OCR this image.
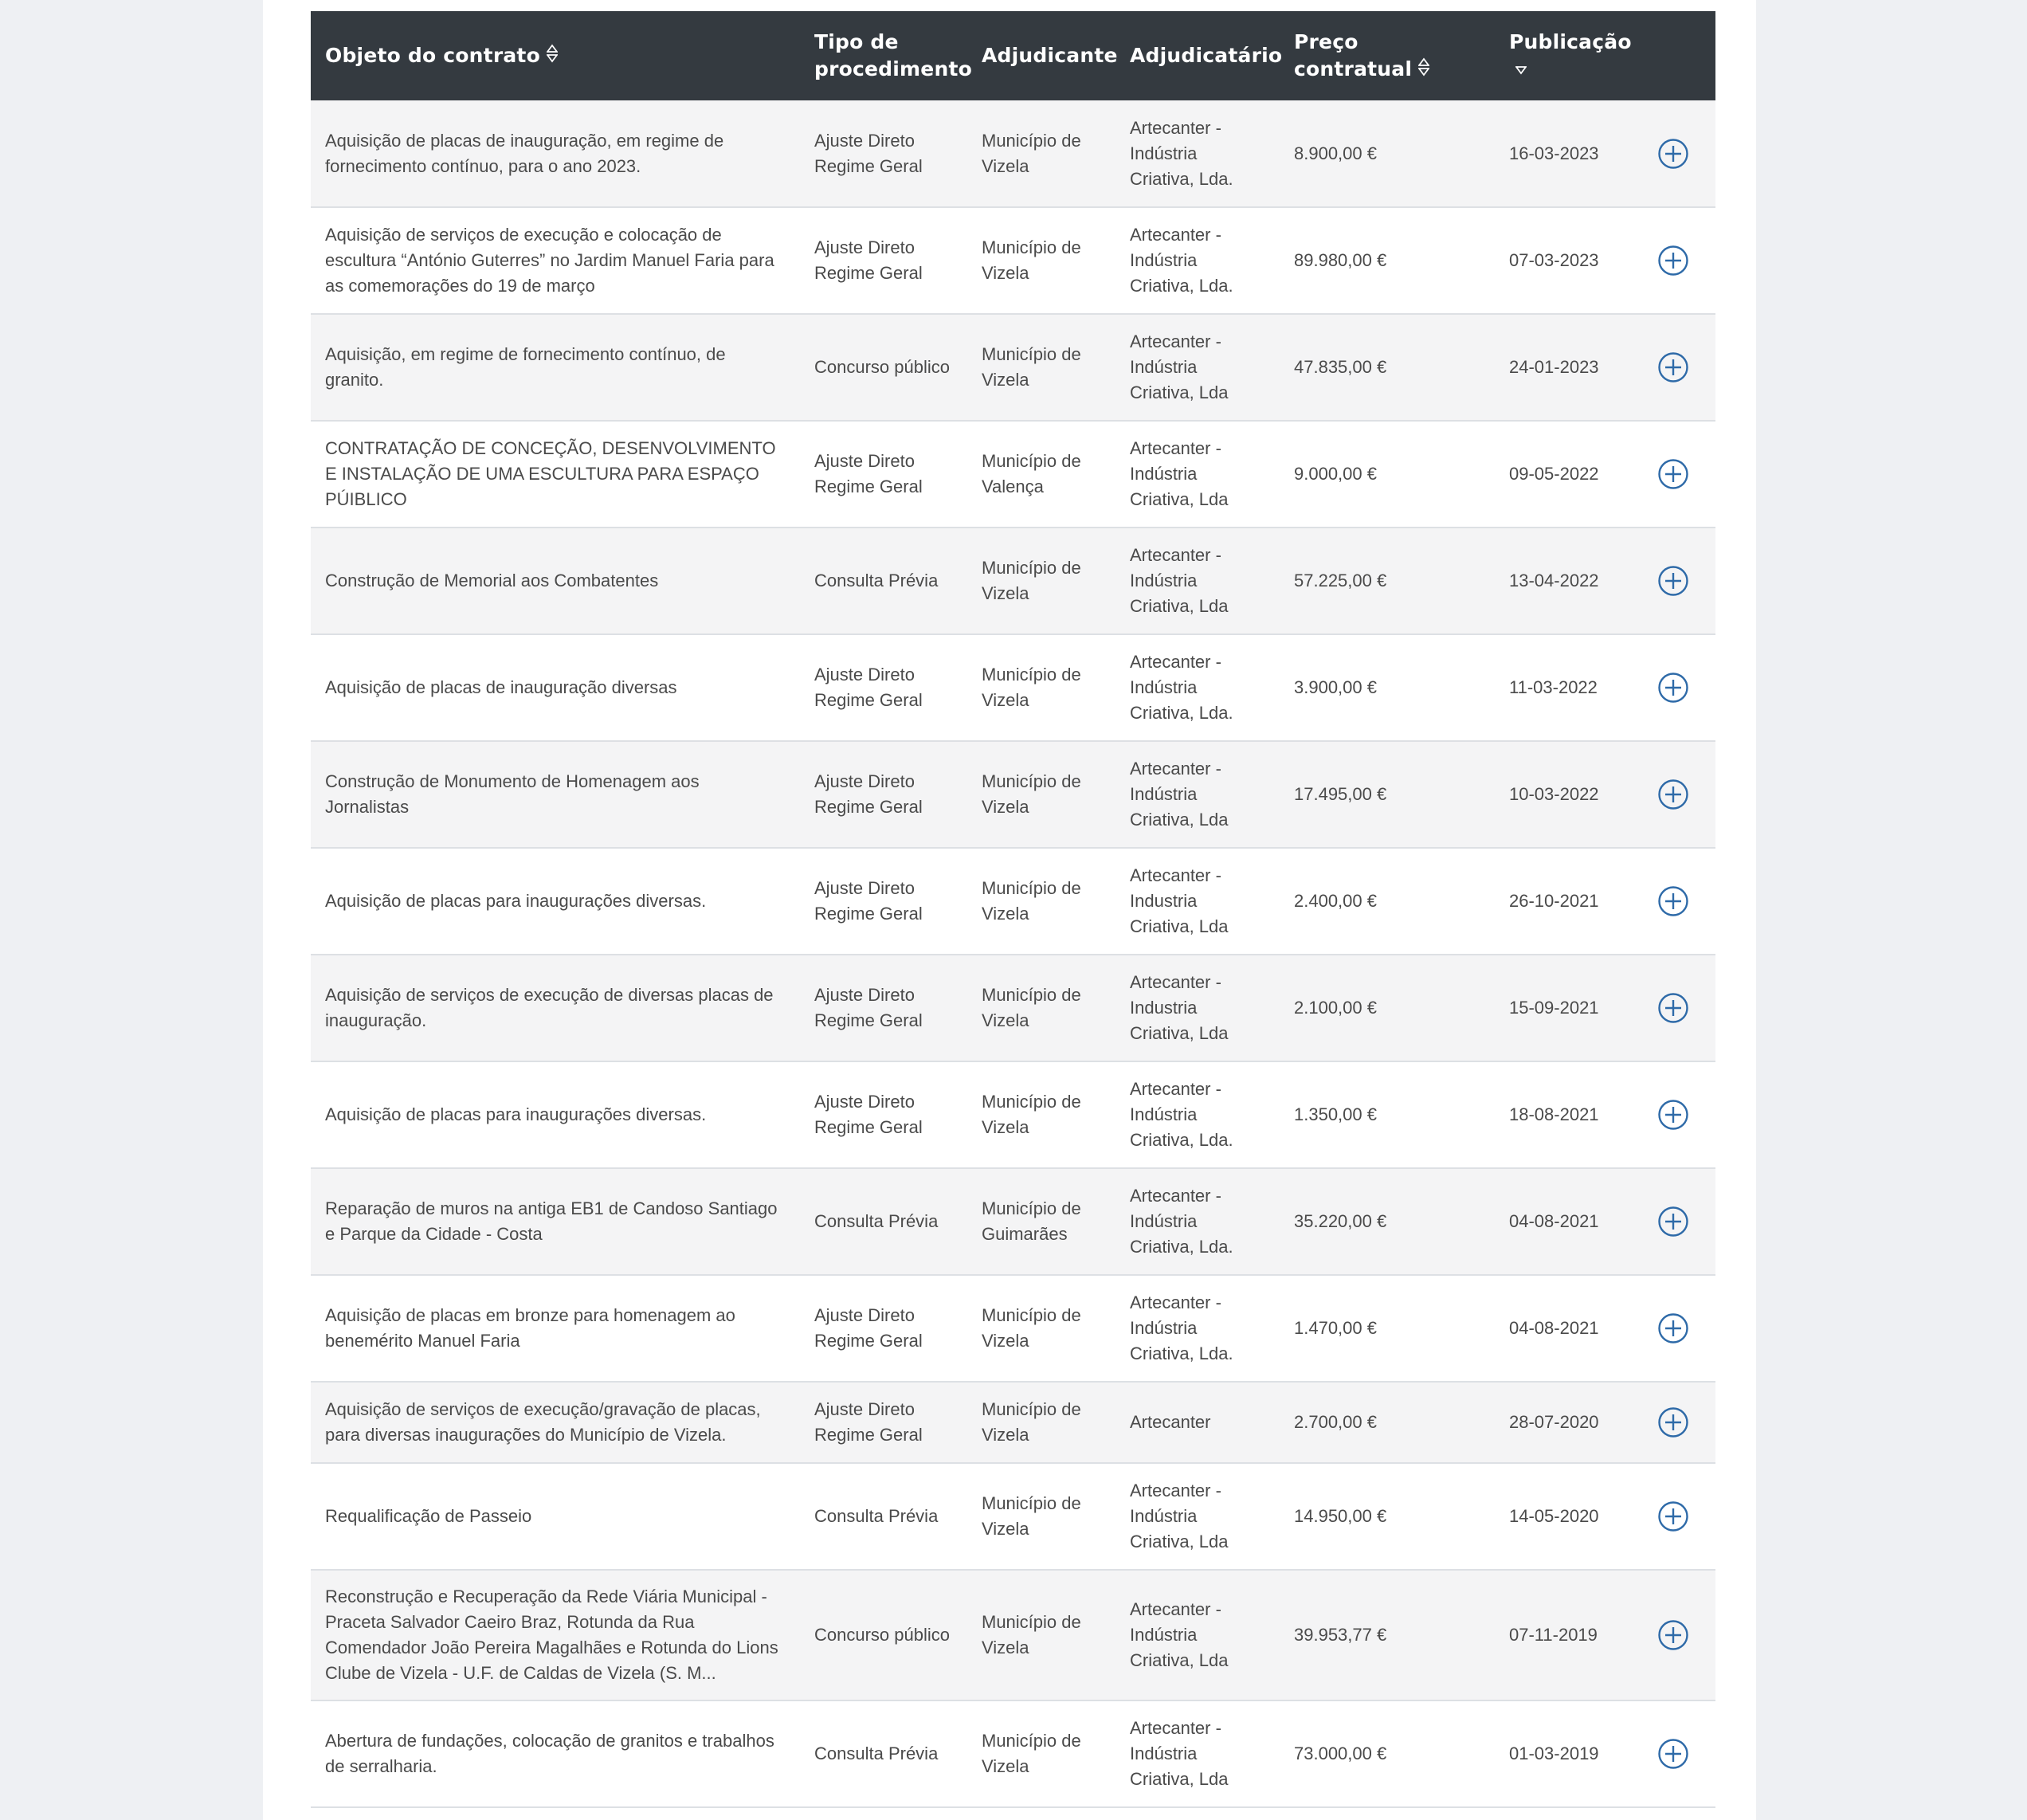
Objeto do contrato	Tipo de procedimento	Adjudicante	Adjudicatário	Preço contratual	Publicação	
Aquisição de placas de inauguração, em regime de fornecimento contínuo, para o ano 2023.	Ajuste Direto Regime Geral	Município de Vizela	Artecanter - Indústria Criativa, Lda.	8.900,00 €	16-03-2023	
Aquisição de serviços de execução e colocação de escultura “António Guterres” no Jardim Manuel Faria para as comemorações do 19 de março	Ajuste Direto Regime Geral	Município de Vizela	Artecanter - Indústria Criativa, Lda.	89.980,00 €	07-03-2023	
Aquisição, em regime de fornecimento contínuo, de granito.	Concurso público	Município de Vizela	Artecanter - Indústria Criativa, Lda	47.835,00 €	24-01-2023	
CONTRATAÇÃO DE CONCEÇÃO, DESENVOLVIMENTO E INSTALAÇÃO DE UMA ESCULTURA PARA ESPAÇO PÚIBLICO	Ajuste Direto Regime Geral	Município de Valença	Artecanter - Indústria Criativa, Lda	9.000,00 €	09-05-2022	
Construção de Memorial aos Combatentes	Consulta Prévia	Município de Vizela	Artecanter - Indústria Criativa, Lda	57.225,00 €	13-04-2022	
Aquisição de placas de inauguração diversas	Ajuste Direto Regime Geral	Município de Vizela	Artecanter - Indústria Criativa, Lda.	3.900,00 €	11-03-2022	
Construção de Monumento de Homenagem aos Jornalistas	Ajuste Direto Regime Geral	Município de Vizela	Artecanter - Indústria Criativa, Lda	17.495,00 €	10-03-2022	
Aquisição de placas para inaugurações diversas.	Ajuste Direto Regime Geral	Município de Vizela	Artecanter - Industria Criativa, Lda	2.400,00 €	26-10-2021	
Aquisição de serviços de execução de diversas placas de inauguração.	Ajuste Direto Regime Geral	Município de Vizela	Artecanter - Industria Criativa, Lda	2.100,00 €	15-09-2021	
Aquisição de placas para inaugurações diversas.	Ajuste Direto Regime Geral	Município de Vizela	Artecanter - Indústria Criativa, Lda.	1.350,00 €	18-08-2021	
Reparação de muros na antiga EB1 de Candoso Santiago e Parque da Cidade - Costa	Consulta Prévia	Município de Guimarães	Artecanter - Indústria Criativa, Lda.	35.220,00 €	04-08-2021	
Aquisição de placas em bronze para homenagem ao benemérito Manuel Faria	Ajuste Direto Regime Geral	Município de Vizela	Artecanter - Indústria Criativa, Lda.	1.470,00 €	04-08-2021	
Aquisição de serviços de execução/gravação de placas, para diversas inaugurações do Município de Vizela.	Ajuste Direto Regime Geral	Município de Vizela	Artecanter	2.700,00 €	28-07-2020	
Requalificação de Passeio	Consulta Prévia	Município de Vizela	Artecanter - Indústria Criativa, Lda	14.950,00 €	14-05-2020	
Reconstrução e Recuperação da Rede Viária Municipal - Praceta Salvador Caeiro Braz, Rotunda da Rua Comendador João Pereira Magalhães e Rotunda do Lions Clube de Vizela - U.F. de Caldas de Vizela (S. M...	Concurso público	Município de Vizela	Artecanter - Indústria Criativa, Lda	39.953,77 €	07-11-2019	
Abertura de fundações, colocação de granitos e trabalhos de serralharia.	Consulta Prévia	Município de Vizela	Artecanter - Indústria Criativa, Lda	73.000,00 €	01-03-2019	
